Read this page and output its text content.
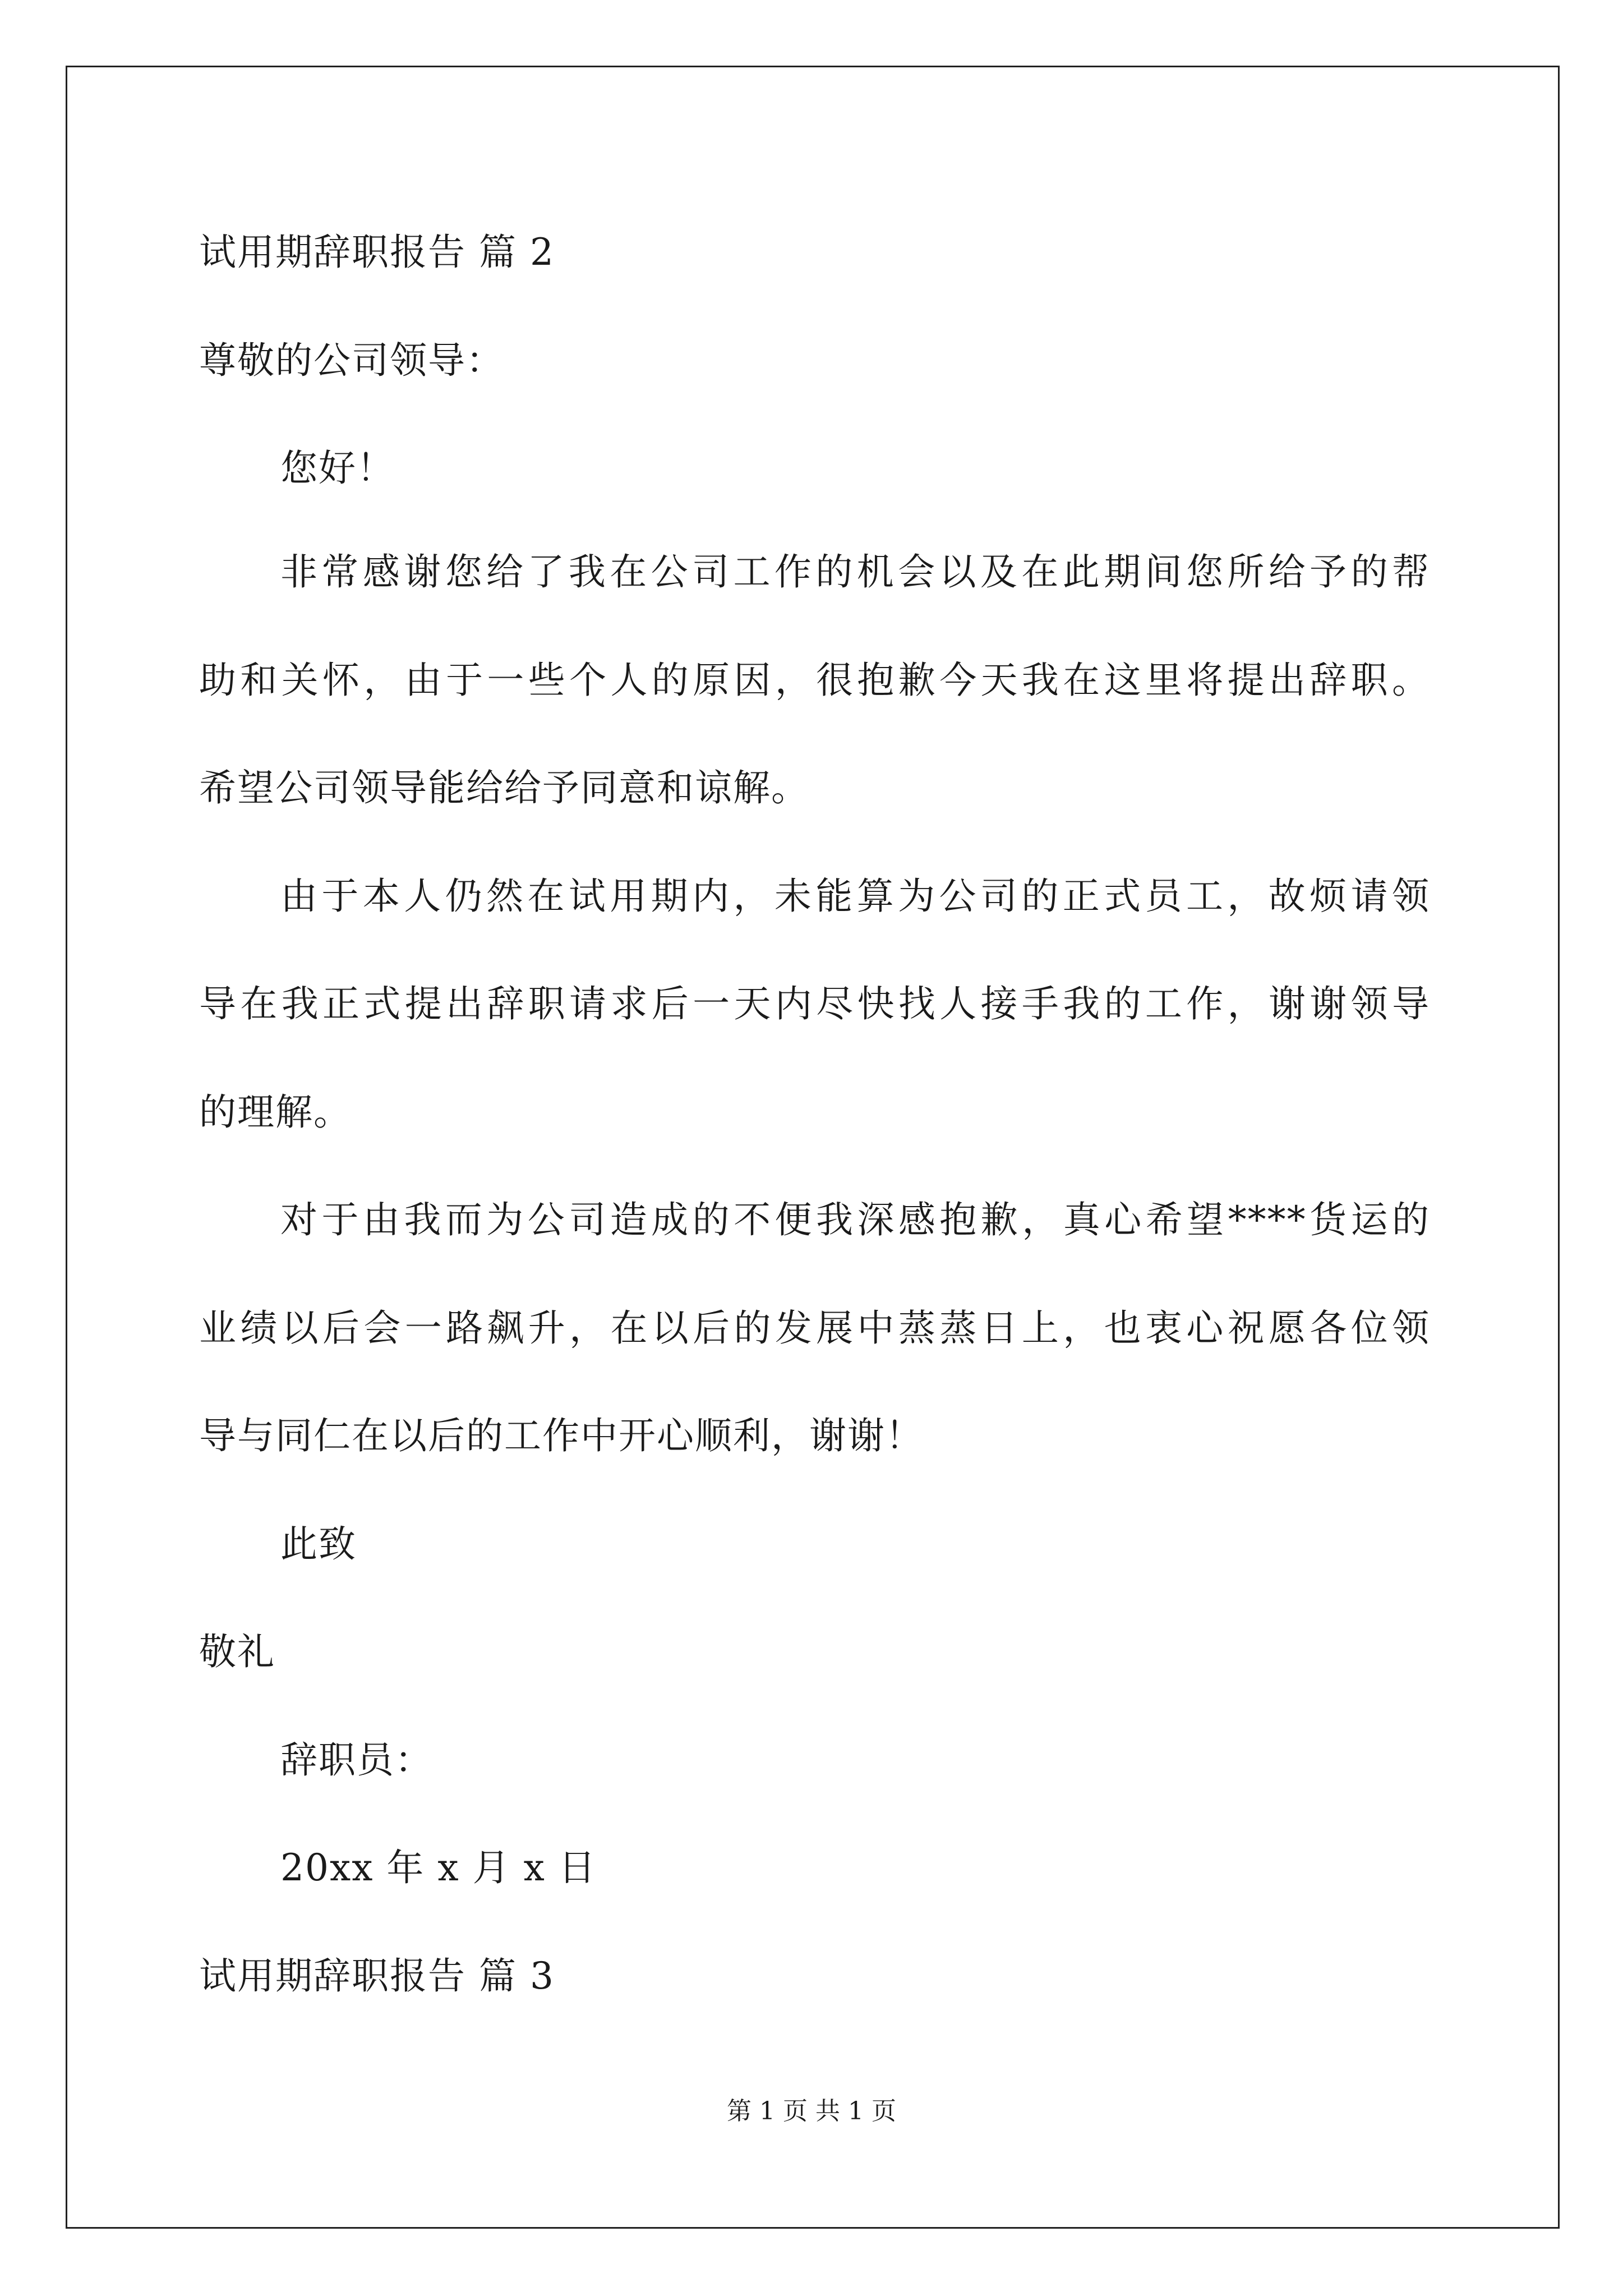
试用期辞职报告 篇 2
尊敬的公司领导：
您好！
非常感谢您给了我在公司工作的机会以及在此期间您所给予的帮
助和关怀，由于一些个人的原因，很抱歉今天我在这里将提出辞职。
希望公司领导能给给予同意和谅解。
由于本人仍然在试用期内，未能算为公司的正式员工，故烦请领
导在我正式提出辞职请求后一天内尽快找人接手我的工作，谢谢领导
的理解。
对于由我而为公司造成的不便我深感抱歉，真心希望****货运的
业绩以后会一路飙升，在以后的发展中蒸蒸日上，也衷心祝愿各位领
导与同仁在以后的工作中开心顺利，谢谢！
此致
敬礼
辞职员：
20xx 年 x 月 x 日
试用期辞职报告 篇 3
第 1 页 共 1 页
